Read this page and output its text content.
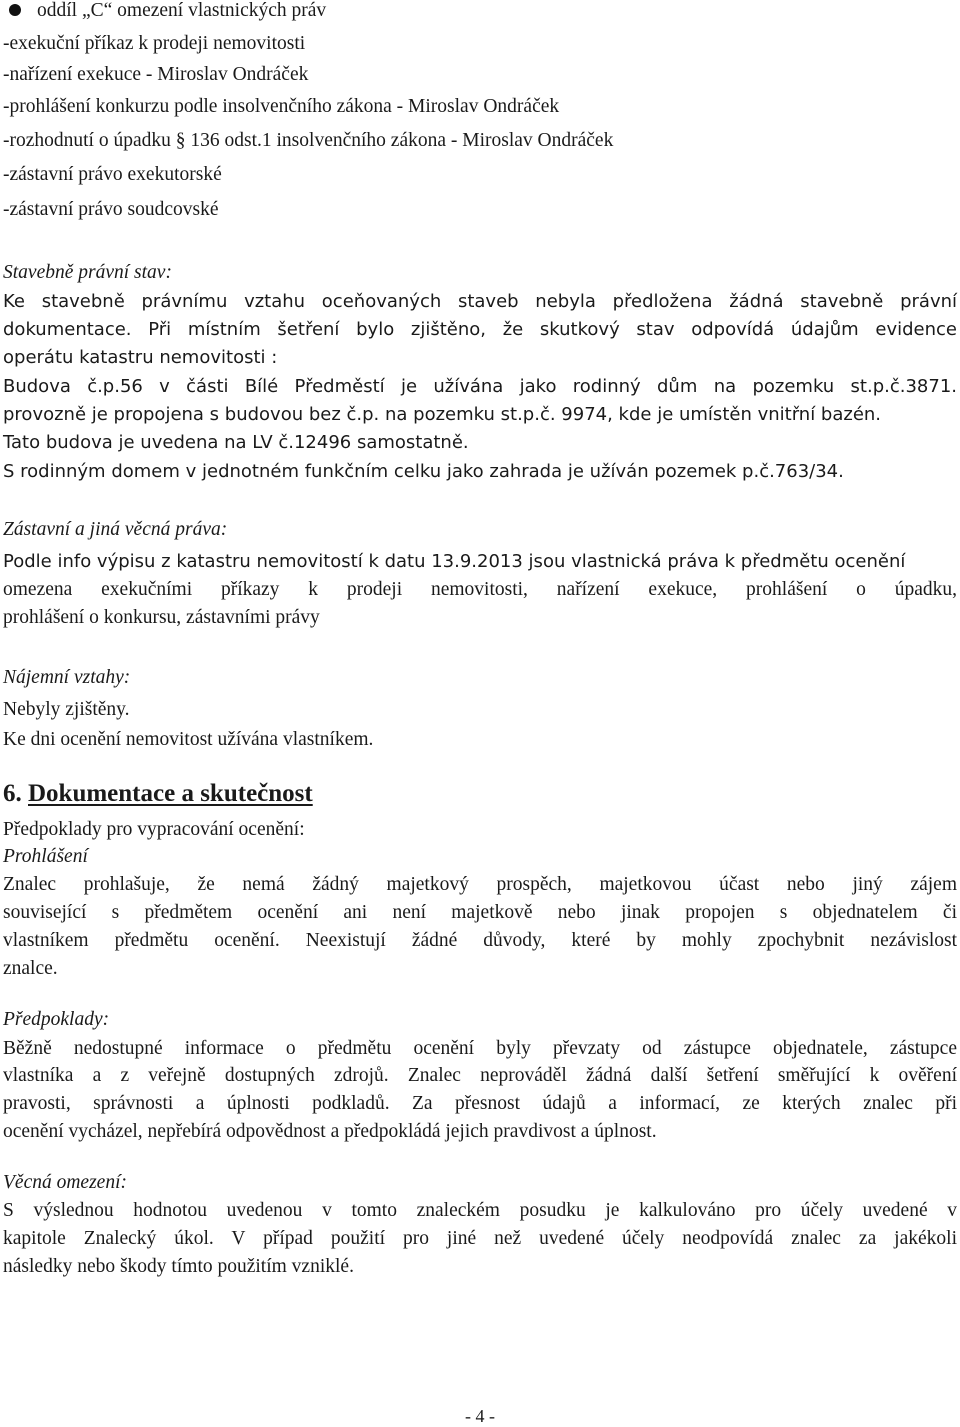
oddíl „C“ omezení vlastnických práv
-exekuční příkaz k prodeji nemovitosti
-nařízení exekuce - Miroslav Ondráček
-prohlášení konkurzu podle insolvenčního zákona - Miroslav Ondráček
-rozhodnutí o úpadku § 136 odst.1 insolvenčního zákona - Miroslav Ondráček
-zástavní právo exekutorské
-zástavní právo soudcovské
Stavebně právní stav:
Ke stavebně právnímu vztahu oceňovaných staveb nebyla předložena žádná stavebně právní
dokumentace. Při místním šetření bylo zjištěno, že skutkový stav odpovídá údajům evidence
operátu katastru nemovitosti :
Budova č.p.56 v části Bílé Předměstí je užívána jako rodinný dům na pozemku st.p.č.3871.
provozně je propojena s budovou bez č.p. na pozemku st.p.č. 9974, kde je umístěn vnitřní bazén.
Tato budova je uvedena na LV č.12496 samostatně.
S rodinným domem v jednotném funkčním celku jako zahrada je užíván pozemek p.č.763/34.
Zástavní a jiná věcná práva:
Podle info výpisu z katastru nemovitostí k datu 13.9.2013 jsou vlastnická práva k předmětu ocenění
omezena exekučními příkazy k prodeji nemovitosti, nařízení exekuce, prohlášení o úpadku,
prohlášení o konkursu, zástavními právy
Nájemní vztahy:
Nebyly zjištěny.
Ke dni ocenění nemovitost užívána vlastníkem.
6. Dokumentace a skutečnost
Předpoklady pro vypracování ocenění:
Prohlášení
Znalec prohlašuje, že nemá žádný majetkový prospěch, majetkovou účast nebo jiný zájem
související s předmětem ocenění ani není majetkově nebo jinak propojen s objednatelem či
vlastníkem předmětu ocenění. Neexistují žádné důvody, které by mohly zpochybnit nezávislost
znalce.
Předpoklady:
Běžně nedostupné informace o předmětu ocenění byly převzaty od zástupce objednatele, zástupce
vlastníka a z veřejně dostupných zdrojů. Znalec neprováděl žádná další šetření směřující k ověření
pravosti, správnosti a úplnosti podkladů. Za přesnost údajů a informací, ze kterých znalec při
ocenění vycházel, nepřebírá odpovědnost a předpokládá jejich pravdivost a úplnost.
Věcná omezení:
S výslednou hodnotou uvedenou v tomto znaleckém posudku je kalkulováno pro účely uvedené v
kapitole Znalecký úkol. V případ použití pro jiné než uvedené účely neodpovídá znalec za jakékoli
následky nebo škody tímto použitím vzniklé.
- 4 -
